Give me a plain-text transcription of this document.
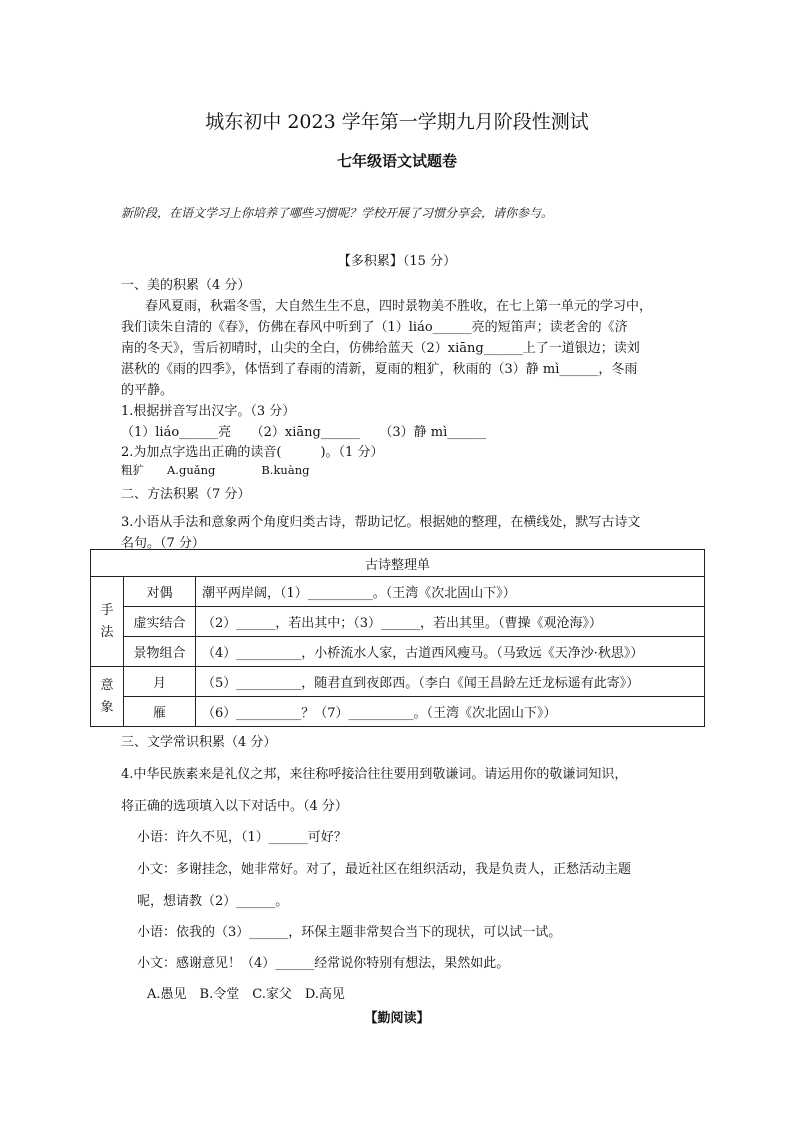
城东初中 2023 学年第一学期九月阶段性测试
七年级语文试题卷
新阶段，在语文学习上你培养了哪些习惯呢？学校开展了习惯分享会，请你参与。
【多积累】（15 分）
一、美的积累（4 分）
春风夏雨，秋霜冬雪，大自然生生不息，四时景物美不胜收，在七上第一单元的学习中，
我们读朱自清的《春》，仿佛在春风中听到了（1）liáo______亮的短笛声；读老舍的《济
南的冬天》，雪后初晴时，山尖的全白，仿佛给蓝天（2）xiāng______上了一道银边；读刘
湛秋的《雨的四季》，体悟到了春雨的清新，夏雨的粗犷，秋雨的（3）静 mì______，冬雨
的平静。
1.根据拼音写出汉字。（3 分）
（1）liáo______亮　　（2）xiāng______　　（3）静 mì______
2.为加点字选出正确的读音(　　　)。（1 分）
粗犷　　A.guǎng　　　　B.kuàng
二、方法积累（7 分）
3.小语从手法和意象两个角度归类古诗，帮助记忆。根据她的整理，在横线处，默写古诗文
名句。（7 分）
古诗整理单		
手
法	对偶	潮平两岸阔，（1）__________。（王湾《次北固山下》）
	虚实结合	（2）______，若出其中；（3）______，若出其里。（曹操《观沧海》）
	景物组合	（4）__________，小桥流水人家，古道西风瘦马。（马致远《天净沙·秋思》）
意
象	月	（5）__________，随君直到夜郎西。（李白《闻王昌龄左迁龙标遥有此寄》）
	雁	（6）__________？（7）__________。（王湾《次北固山下》）
三、文学常识积累（4 分）
4.中华民族素来是礼仪之邦，来往称呼接洽往往要用到敬谦词。请运用你的敬谦词知识，
将正确的选项填入以下对话中。（4 分）
小语：许久不见，（1）______可好？
小文：多谢挂念，她非常好。对了，最近社区在组织活动，我是负责人，正愁活动主题
呢，想请教（2）______。
小语：依我的（3）______，环保主题非常契合当下的现状，可以试一试。
小文：感谢意见！（4）______经常说你特别有想法，果然如此。
A.愚见　B.令堂　C.家父　D.高见
【勤阅读】
